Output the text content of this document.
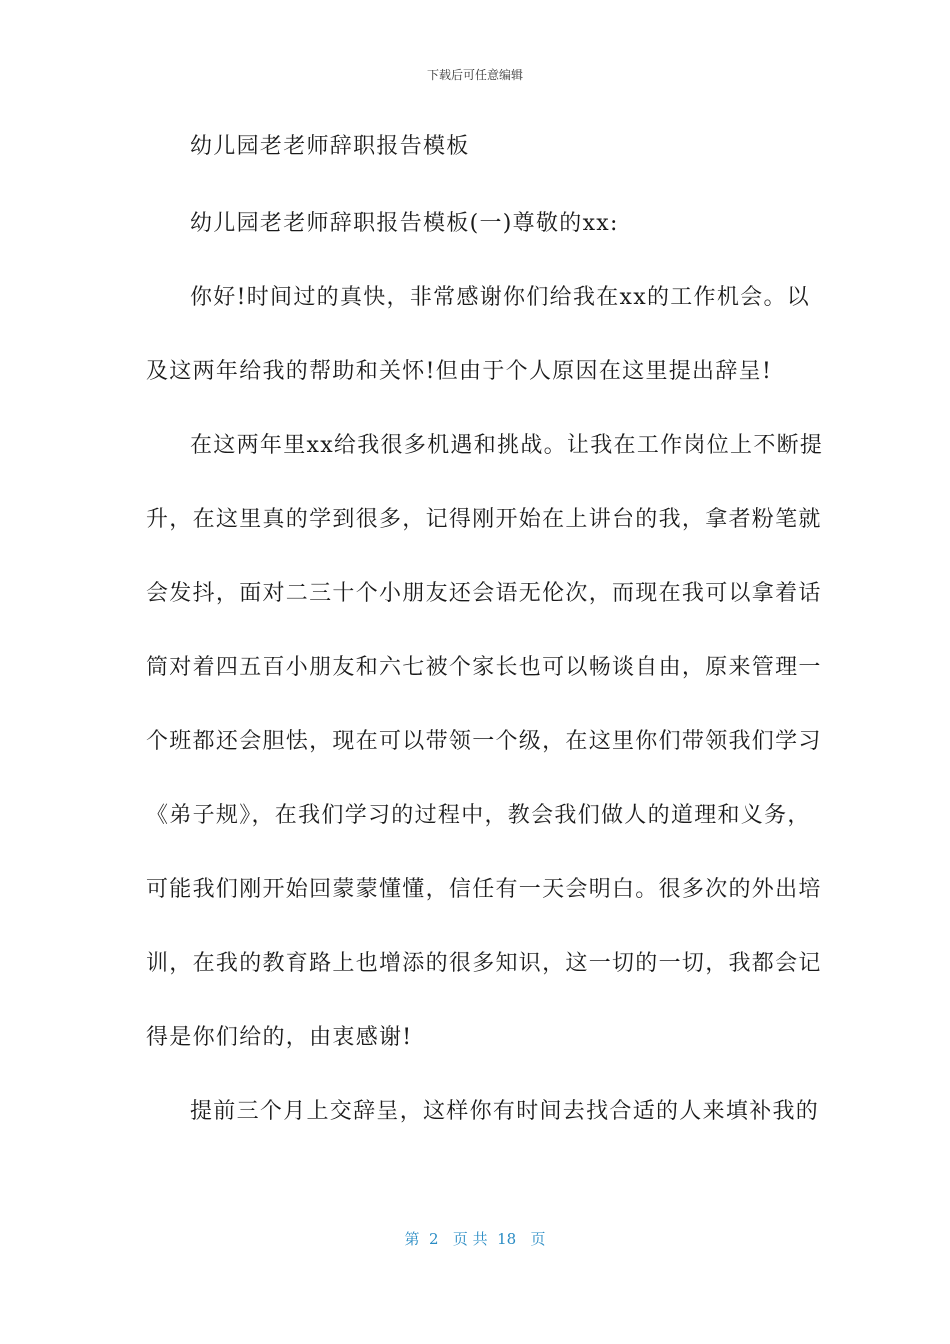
下载后可任意编辑
幼儿园老老师辞职报告模板
幼儿园老老师辞职报告模板(一)尊敬的xx:
你好!时间过的真快，非常感谢你们给我在xx的工作机会。以
及这两年给我的帮助和关怀!但由于个人原因在这里提出辞呈!
在这两年里xx给我很多机遇和挑战。让我在工作岗位上不断提
升，在这里真的学到很多，记得刚开始在上讲台的我，拿者粉笔就
会发抖，面对二三十个小朋友还会语无伦次，而现在我可以拿着话
筒对着四五百小朋友和六七被个家长也可以畅谈自由，原来管理一
个班都还会胆怯，现在可以带领一个级，在这里你们带领我们学习
《弟子规》，在我们学习的过程中，教会我们做人的道理和义务，
可能我们刚开始回蒙蒙懂懂，信任有一天会明白。很多次的外出培
训，在我的教育路上也增添的很多知识，这一切的一切，我都会记
得是你们给的，由衷感谢!
提前三个月上交辞呈，这样你有时间去找合适的人来填补我的
第  2   页 共  18   页
